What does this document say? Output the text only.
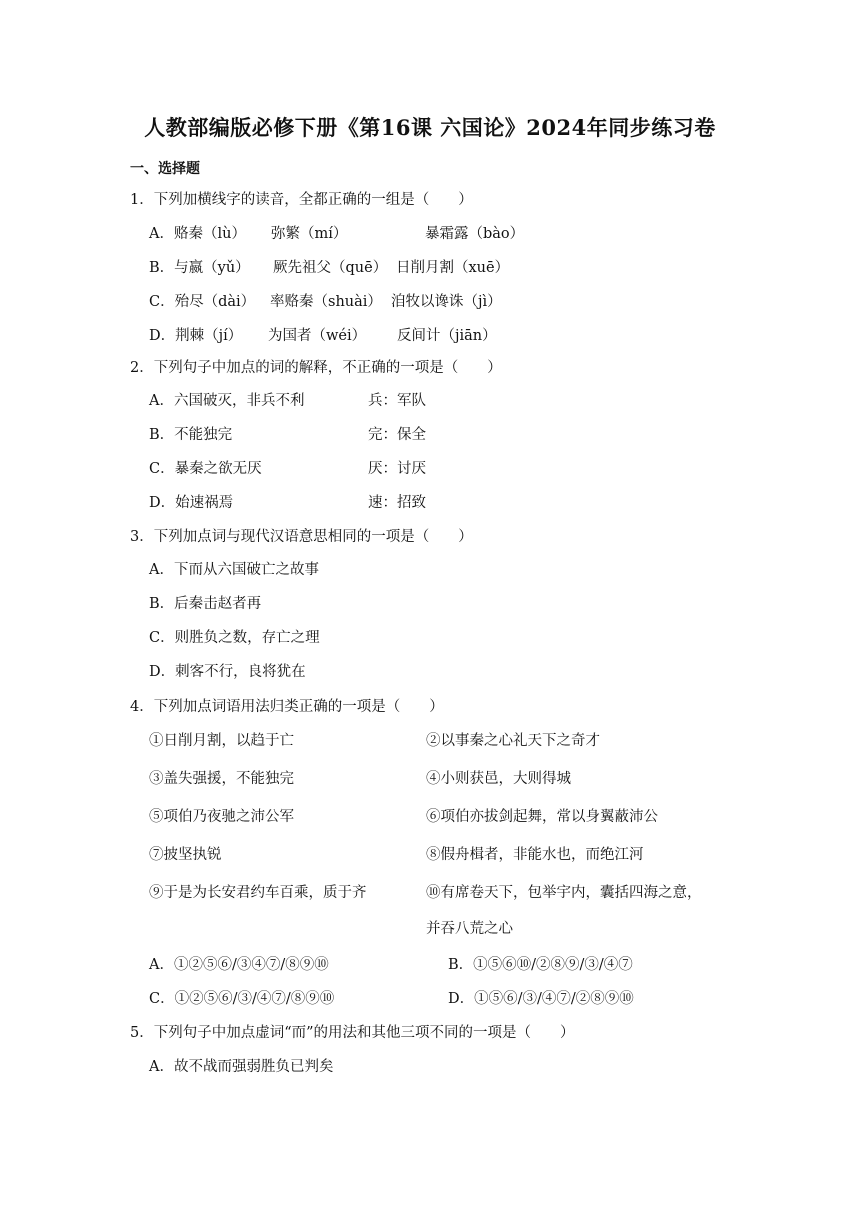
人教部编版必修下册《第16课 六国论》2024年同步练习卷
一、选择题
1．下列加横线字的读音，全都正确的一组是（　　）
A．赂秦（lù） 弥繁（mí）	暴霜露（bào）
B．与嬴（yǔ） 厥先祖父（quē） 日削月割（xuē）
C．殆尽（dài） 率赂秦（shuài） 洎牧以谗诛（jì）
D．荆棘（jí） 为国者（wéi） 反间计（jiān）
2．下列句子中加点的词的解释，不正确的一项是（　　）
A．六国破灭，非兵不利	兵：军队
B．不能独完	完：保全
C．暴秦之欲无厌	厌：讨厌
D．始速祸焉	速：招致
3．下列加点词与现代汉语意思相同的一项是（　　）
A．下而从六国破亡之故事
B．后秦击赵者再
C．则胜负之数，存亡之理
D．刺客不行，良将犹在
4．下列加点词语用法归类正确的一项是（　　）
①日削月割，以趋于亡	②以事秦之心礼天下之奇才
③盖失强援，不能独完	④小则获邑，大则得城
⑤项伯乃夜驰之沛公军	⑥项伯亦拔剑起舞，常以身翼蔽沛公
⑦披坚执锐	⑧假舟楫者，非能水也，而绝江河
⑨于是为长安君约车百乘，质于齐	⑩有席卷天下，包举宇内，囊括四海之意，
并吞八荒之心
A．①②⑤⑥/③④⑦/⑧⑨⑩	B．①⑤⑥⑩/②⑧⑨/③/④⑦
C．①②⑤⑥/③/④⑦/⑧⑨⑩	D．①⑤⑥/③/④⑦/②⑧⑨⑩
5．下列句子中加点虚词“而”的用法和其他三项不同的一项是（　　）
A．故不战而强弱胜负已判矣
